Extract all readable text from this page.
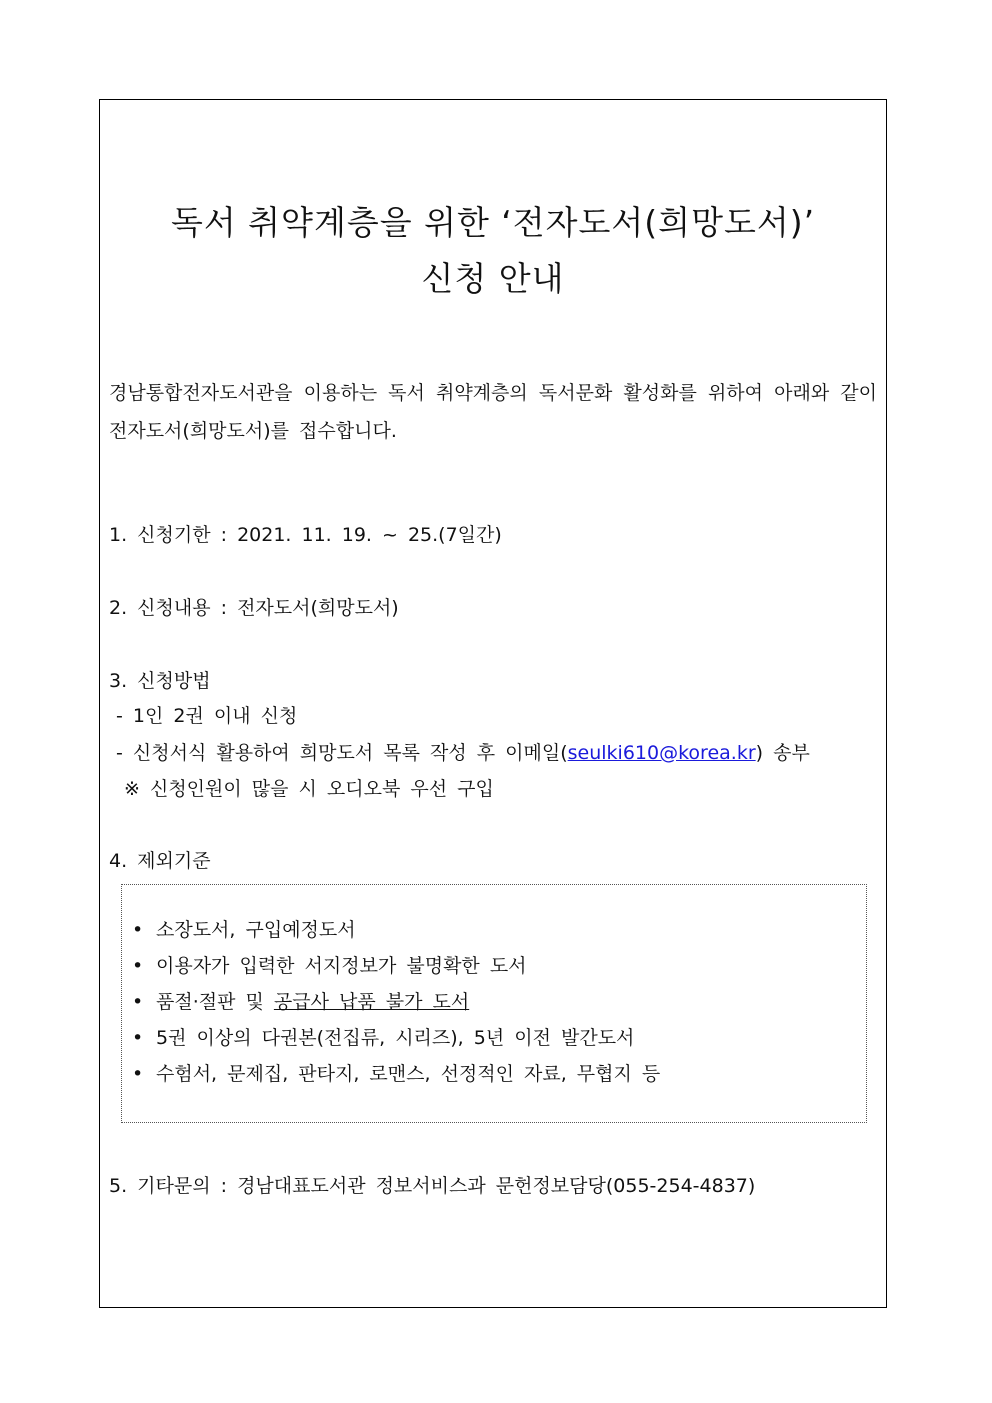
독서 취약계층을 위한 ‘전자도서(희망도서)’
신청 안내
경남통합전자도서관을 이용하는 독서 취약계층의 독서문화 활성화를 위하여 아래와 같이 전자도서(희망도서)를 접수합니다.
1. 신청기한 : 2021. 11. 19. ~ 25.(7일간)
2. 신청내용 : 전자도서(희망도서)
3. 신청방법
- 1인 2권 이내 신청
- 신청서식 활용하여 희망도서 목록 작성 후 이메일(seulki610@korea.kr) 송부
※ 신청인원이 많을 시 오디오북 우선 구입
4. 제외기준
• 소장도서, 구입예정도서
• 이용자가 입력한 서지정보가 불명확한 도서
• 품절·절판 및 공급사 납품 불가 도서
• 5권 이상의 다권본(전집류, 시리즈), 5년 이전 발간도서
• 수험서, 문제집, 판타지, 로맨스, 선정적인 자료, 무협지 등
5. 기타문의 : 경남대표도서관 정보서비스과 문헌정보담당(055-254-4837)
